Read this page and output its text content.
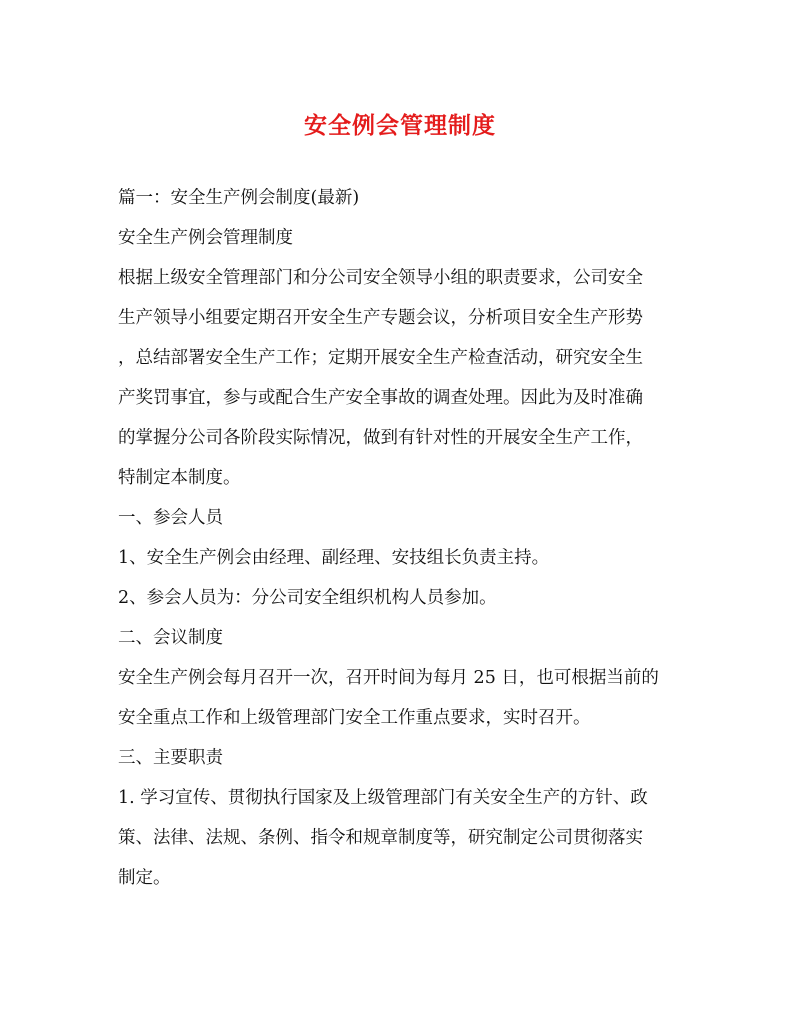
安全例会管理制度
篇一：安全生产例会制度(最新)
安全生产例会管理制度
根据上级安全管理部门和分公司安全领导小组的职责要求，公司安全
生产领导小组要定期召开安全生产专题会议，分析项目安全生产形势
，总结部署安全生产工作；定期开展安全生产检查活动，研究安全生
产奖罚事宜，参与或配合生产安全事故的调查处理。因此为及时准确
的掌握分公司各阶段实际情况，做到有针对性的开展安全生产工作，
特制定本制度。
一、参会人员
1、安全生产例会由经理、副经理、安技组长负责主持。
2、参会人员为：分公司安全组织机构人员参加。
二、会议制度
安全生产例会每月召开一次，召开时间为每月 25 日，也可根据当前的
安全重点工作和上级管理部门安全工作重点要求，实时召开。
三、主要职责
1. 学习宣传、贯彻执行国家及上级管理部门有关安全生产的方针、政
策、法律、法规、条例、指令和规章制度等，研究制定公司贯彻落实
制定。
